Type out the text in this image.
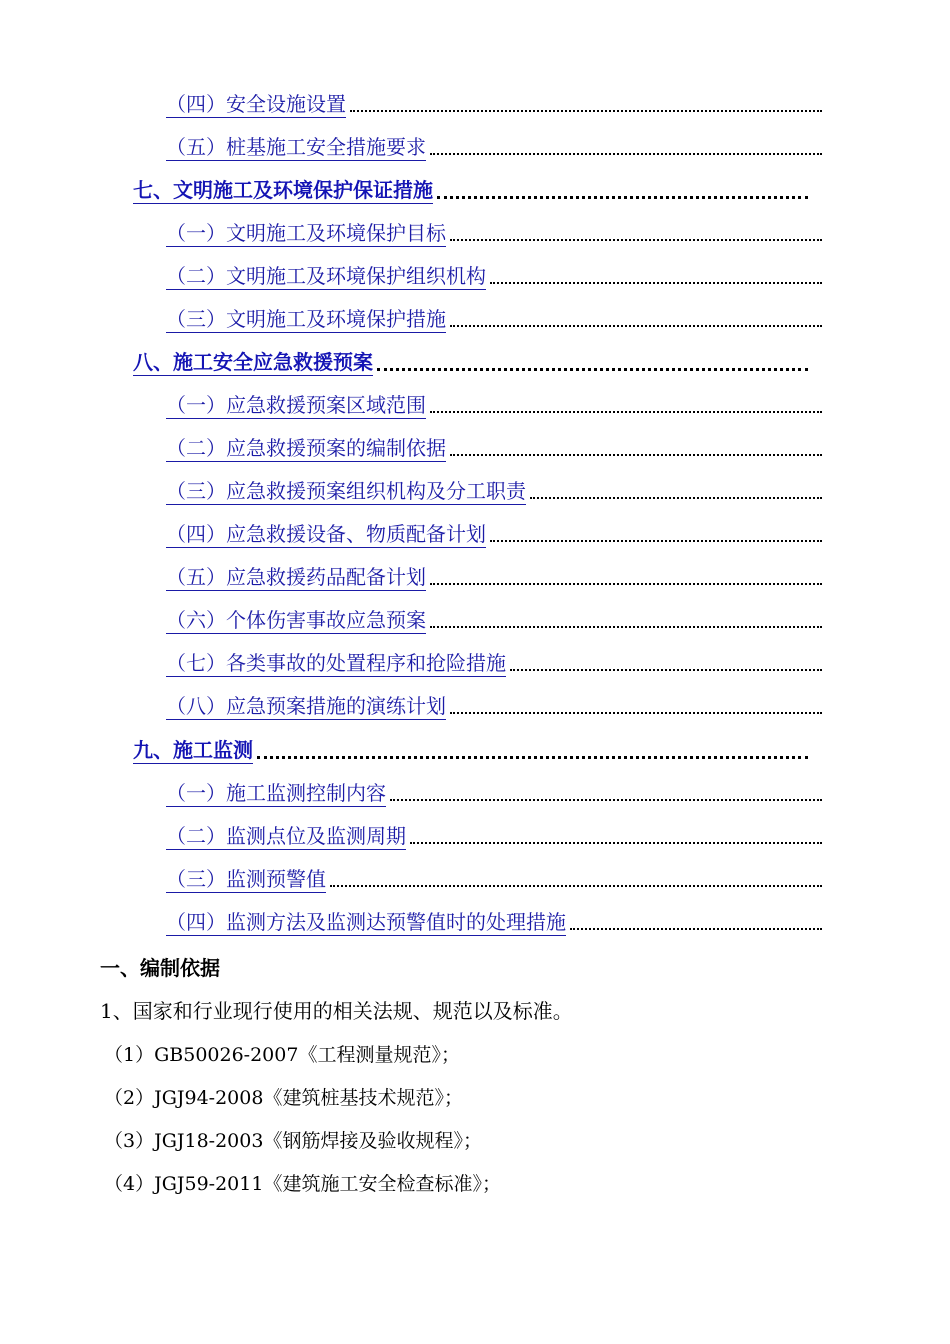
（四）安全设施设置
（五）桩基施工安全措施要求
七、文明施工及环境保护保证措施
（一）文明施工及环境保护目标
（二）文明施工及环境保护组织机构
（三）文明施工及环境保护措施
八、施工安全应急救援预案
（一）应急救援预案区域范围
（二）应急救援预案的编制依据
（三）应急救援预案组织机构及分工职责
（四）应急救援设备、物质配备计划
（五）应急救援药品配备计划
（六）个体伤害事故应急预案
（七）各类事故的处置程序和抢险措施
（八）应急预案措施的演练计划
九、施工监测
（一）施工监测控制内容
（二）监测点位及监测周期
（三）监测预警值
（四）监测方法及监测达预警值时的处理措施
一、编制依据
1、国家和行业现行使用的相关法规、规范以及标准。
（1）GB50026-2007《工程测量规范》；
（2）JGJ94-2008《建筑桩基技术规范》；
（3）JGJ18-2003《钢筋焊接及验收规程》；
（4）JGJ59-2011《建筑施工安全检查标准》；
